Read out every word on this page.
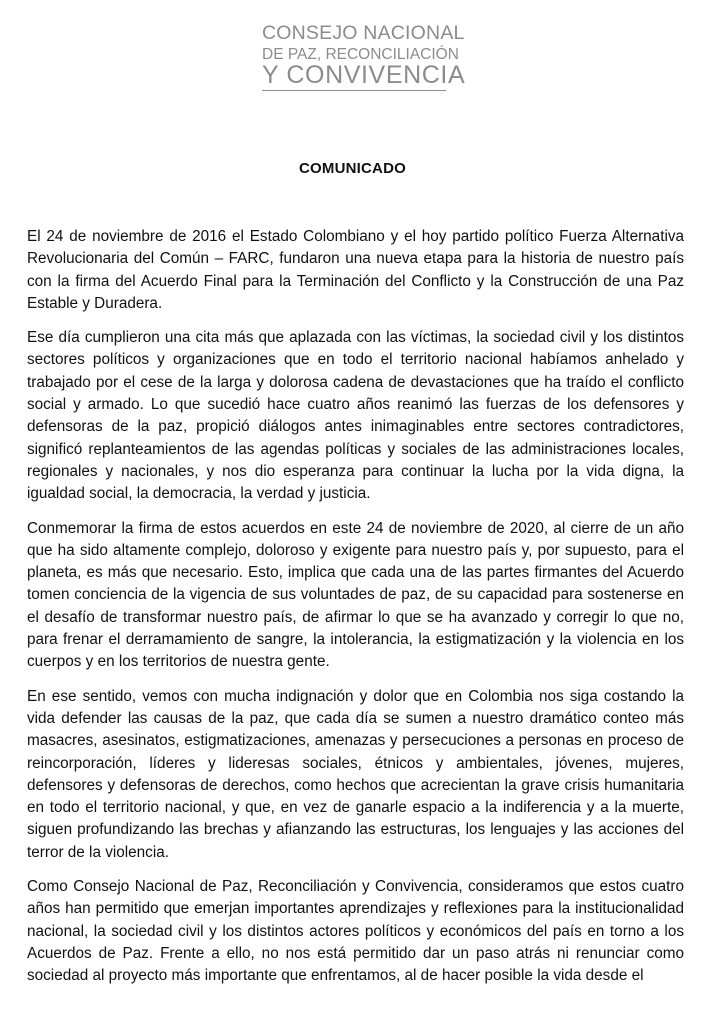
CONSEJO NACIONAL
DE PAZ, RECONCILIACIÓN
Y CONVIVENCIA
COMUNICADO

El 24 de noviembre de 2016 el Estado Colombiano y el hoy partido político Fuerza Alternativa Revolucionaria del Común – FARC, fundaron una nueva etapa para la historia de nuestro país con la firma del Acuerdo Final para la Terminación del Conflicto y la Construcción de una Paz Estable y Duradera.

Ese día cumplieron una cita más que aplazada con las víctimas, la sociedad civil y los distintos sectores políticos y organizaciones que en todo el territorio nacional habíamos anhelado y trabajado por el cese de la larga y dolorosa cadena de devastaciones que ha traído el conflicto social y armado. Lo que sucedió hace cuatro años reanimó las fuerzas de los defensores y defensoras de la paz, propició diálogos antes inimaginables entre sectores contradictores, significó replanteamientos de las agendas políticas y sociales de las administraciones locales, regionales y nacionales, y nos dio esperanza para continuar la lucha por la vida digna, la igualdad social, la democracia, la verdad y justicia.

Conmemorar la firma de estos acuerdos en este 24 de noviembre de 2020, al cierre de un año que ha sido altamente complejo, doloroso y exigente para nuestro país y, por supuesto, para el planeta, es más que necesario. Esto, implica que cada una de las partes firmantes del Acuerdo tomen conciencia de la vigencia de sus voluntades de paz, de su capacidad para sostenerse en el desafío de transformar nuestro país, de afirmar lo que se ha avanzado y corregir lo que no, para frenar el derramamiento de sangre, la intolerancia, la estigmatización y la violencia en los cuerpos y en los territorios de nuestra gente.

En ese sentido, vemos con mucha indignación y dolor que en Colombia nos siga costando la vida defender las causas de la paz, que cada día se sumen a nuestro dramático conteo más masacres, asesinatos, estigmatizaciones, amenazas y persecuciones a personas en proceso de reincorporación, líderes y lideresas sociales, étnicos y ambientales, jóvenes, mujeres, defensores y defensoras de derechos, como hechos que acrecientan la grave crisis humanitaria en todo el territorio nacional, y que, en vez de ganarle espacio a la indiferencia y a la muerte, siguen profundizando las brechas y afianzando las estructuras, los lenguajes y las acciones del terror de la violencia.

Como Consejo Nacional de Paz, Reconciliación y Convivencia, consideramos que estos cuatro años han permitido que emerjan importantes aprendizajes y reflexiones para la institucionalidad nacional, la sociedad civil y los distintos actores políticos y económicos del país en torno a los Acuerdos de Paz. Frente a ello, no nos está permitido dar un paso atrás ni renunciar como sociedad al proyecto más importante que enfrentamos, al de hacer posible la vida desde el
